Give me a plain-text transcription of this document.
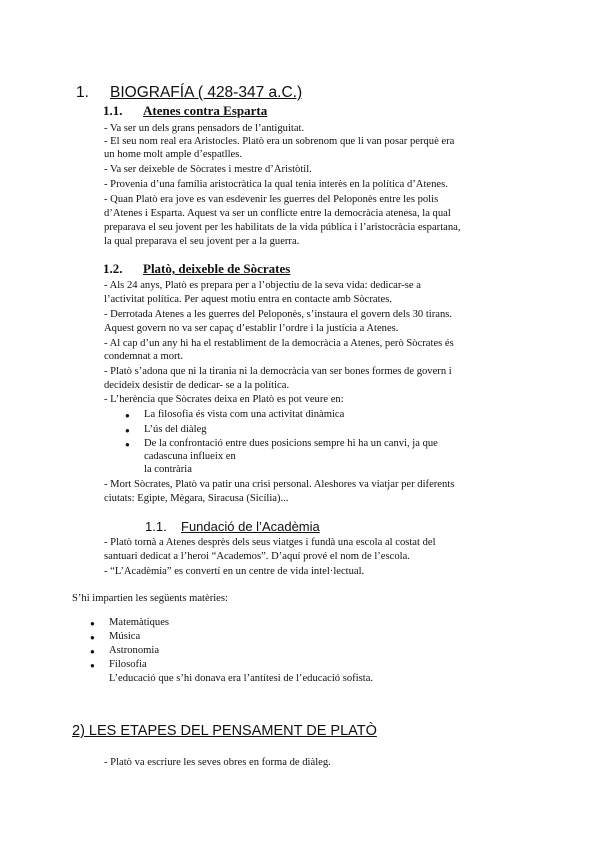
1. BIOGRAFÍA ( 428-347 a.C.)
1.1. Atenes contra Esparta
- Va ser un dels grans pensadors de l’antiguitat.
- El seu nom real era Aristocles. Platò era un sobrenom que li van posar perquè era
un home molt ample d’espatlles.
- Va ser deixeble de Sòcrates i mestre d’Aristòtil.
- Provenia d’una família aristocràtica la qual tenia interès en la política d’Atenes.
- Quan Platò era jove es van esdevenir les guerres del Peloponès entre les polis
d’Atenes i Esparta. Aquest va ser un conflicte entre la democràcia atenesa, la qual
preparava el seu jovent per les habilitats de la vida pública i l’aristocràcia espartana,
la qual preparava el seu jovent per a la guerra.
1.2. Platò, deixeble de Sòcrates
- Als 24 anys, Platò es prepara per a l’objectiu de la seva vida: dedicar-se a
l’activitat política. Per aquest motiu entra en contacte amb Sòcrates.
- Derrotada Atenes a les guerres del Peloponès, s’instaura el govern dels 30 tirans.
Aquest govern no va ser capaç d’establir l’ordre i la justícia a Atenes.
- Al cap d’un any hi ha el restabliment de la democràcia a Atenes, però Sòcrates és
condemnat a mort.
- Platò s’adona que ni la tirania ni la democràcia van ser bones formes de govern i
decideix desistir de dedicar- se a la política.
- L’herència que Sòcrates deixa en Platò es pot veure en:
● La filosofia és vista com una activitat dinàmica
● L’ús del diàleg
● De la confrontació entre dues posicions sempre hi ha un canvi, ja que
cadascuna influeix en
la contrària
- Mort Sòcrates, Platò va patir una crisi personal. Aleshores va viatjar per diferents
ciutats: Egipte, Mègara, Siracusa (Sicília)...
1.1. Fundació de l’Acadèmia
- Platò tornà a Atenes desprès dels seus viatges i fundà una escola al costat del
santuari dedicat a l’heroi “Academos”. D’aquí prové el nom de l’escola.
- “L’Acadèmia” es convertí en un centre de vida intel·lectual.
S’hi impartien les següents matèries:
● Matemàtiques
● Música
● Astronomia
● Filosofia
L’educació que s’hi donava era l’antítesi de l’educació sofista.
2) LES ETAPES DEL PENSAMENT DE PLATÒ
- Platò va escriure les seves obres en forma de diàleg.
